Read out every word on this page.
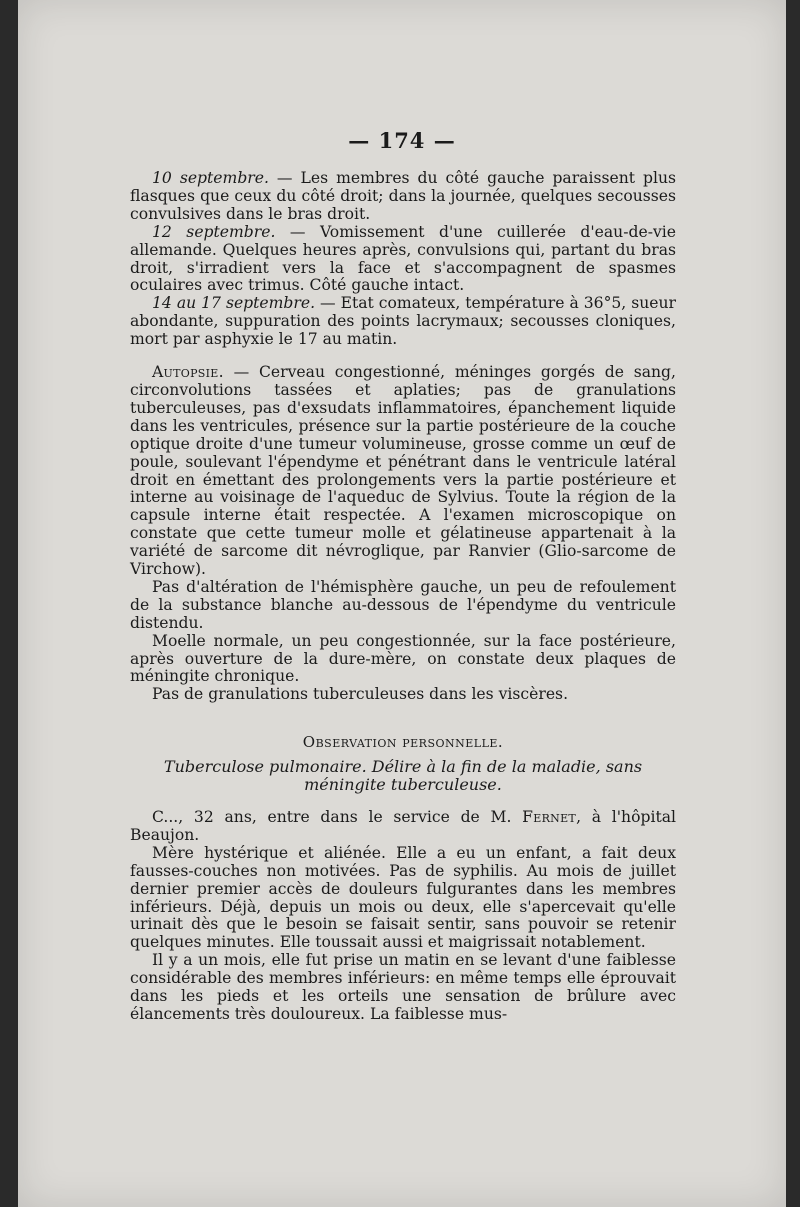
— 174 —

10 septembre. — Les membres du côté gauche paraissent plus flasques que ceux du côté droit; dans la journée, quelques secousses convulsives dans le bras droit.

12 septembre. — Vomissement d'une cuillerée d'eau-de-vie allemande. Quelques heures après, convulsions qui, partant du bras droit, s'irradient vers la face et s'accompagnent de spasmes oculaires avec trimus. Côté gauche intact.

14 au 17 septembre. — Etat comateux, température à 36°5, sueur abondante, suppuration des points lacrymaux; secousses cloniques, mort par asphyxie le 17 au matin.

Autopsie. — Cerveau congestionné, méninges gorgés de sang, circonvolutions tassées et aplaties; pas de granulations tuberculeuses, pas d'exsudats inflammatoires, épanchement liquide dans les ventricules, présence sur la partie postérieure de la couche optique droite d'une tumeur volumineuse, grosse comme un œuf de poule, soulevant l'épendyme et pénétrant dans le ventricule latéral droit en émettant des prolongements vers la partie postérieure et interne au voisinage de l'aqueduc de Sylvius. Toute la région de la capsule interne était respectée. A l'examen microscopique on constate que cette tumeur molle et gélatineuse appartenait à la variété de sarcome dit névroglique, par Ranvier (Glio-sarcome de Virchow).

Pas d'altération de l'hémisphère gauche, un peu de refoulement de la substance blanche au-dessous de l'épendyme du ventricule distendu.

Moelle normale, un peu congestionnée, sur la face postérieure, après ouverture de la dure-mère, on constate deux plaques de méningite chronique.

Pas de granulations tuberculeuses dans les viscères.

Observation personnelle.

Tuberculose pulmonaire. Délire à la fin de la maladie, sans méningite tuberculeuse.

C..., 32 ans, entre dans le service de M. Fernet, à l'hôpital Beaujon.

Mère hystérique et aliénée. Elle a eu un enfant, a fait deux fausses-couches non motivées. Pas de syphilis. Au mois de juillet dernier premier accès de douleurs fulgurantes dans les membres inférieurs. Déjà, depuis un mois ou deux, elle s'apercevait qu'elle urinait dès que le besoin se faisait sentir, sans pouvoir se retenir quelques minutes. Elle toussait aussi et maigrissait notablement.

Il y a un mois, elle fut prise un matin en se levant d'une faiblesse considérable des membres inférieurs: en même temps elle éprouvait dans les pieds et les orteils une sensation de brûlure avec élancements très douloureux. La faiblesse mus-
